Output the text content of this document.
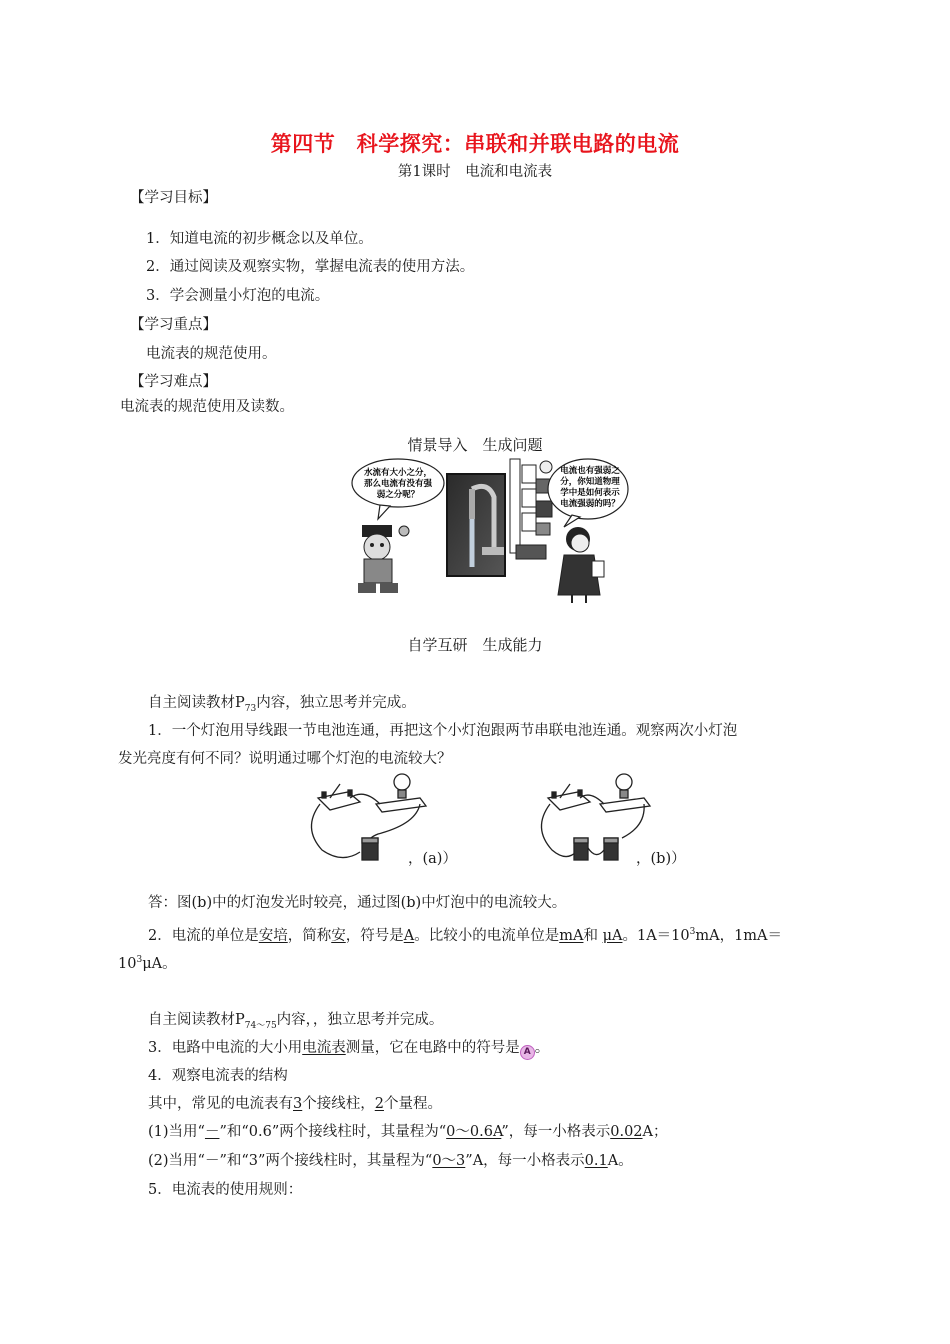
第四节　科学探究：串联和并联电路的电流
第1课时　电流和电流表
【学习目标】
1．知道电流的初步概念以及单位。
2．通过阅读及观察实物，掌握电流表的使用方法。
3．学会测量小灯泡的电流。
【学习重点】
电流表的规范使用。
【学习难点】
电流表的规范使用及读数。
情景导入　生成问题
水流有大小之分，
那么电流有没有强
弱之分呢？
电流也有强弱之
分，你知道物理
学中是如何表示
电流强弱的吗？
自学互研　生成能力
自主阅读教材$P_{73}$内容，独立思考并完成。
1．一个灯泡用导线跟一节电池连通，再把这个小灯泡跟两节串联电池连通。观察两次小灯泡
发光亮度有何不同？说明通过哪个灯泡的电流较大？
，(a)）	，(b)）
答：图(b)中的灯泡发光时较亮，通过图(b)中灯泡中的电流较大。
2．电流的单位是安培，简称安，符号是A。比较小的电流单位是mA和 μA。$1A=10^3mA$，1mA＝
$10^3\mu A$。
自主阅读教材$P_{74\sim 75}$内容，，独立思考并完成。
3．电路中电流的大小用电流表测量，它在电路中的符号是 A 。
4．观察电流表的结构
其中，常见的电流表有3个接线柱，2个量程。
(1)当用“－”和“0.6”两个接线柱时，其量程为“0～0.6A”，每一小格表示0.02A；
(2)当用“－”和“3”两个接线柱时，其量程为“0～3”A，每一小格表示0.1A。
5．电流表的使用规则：
